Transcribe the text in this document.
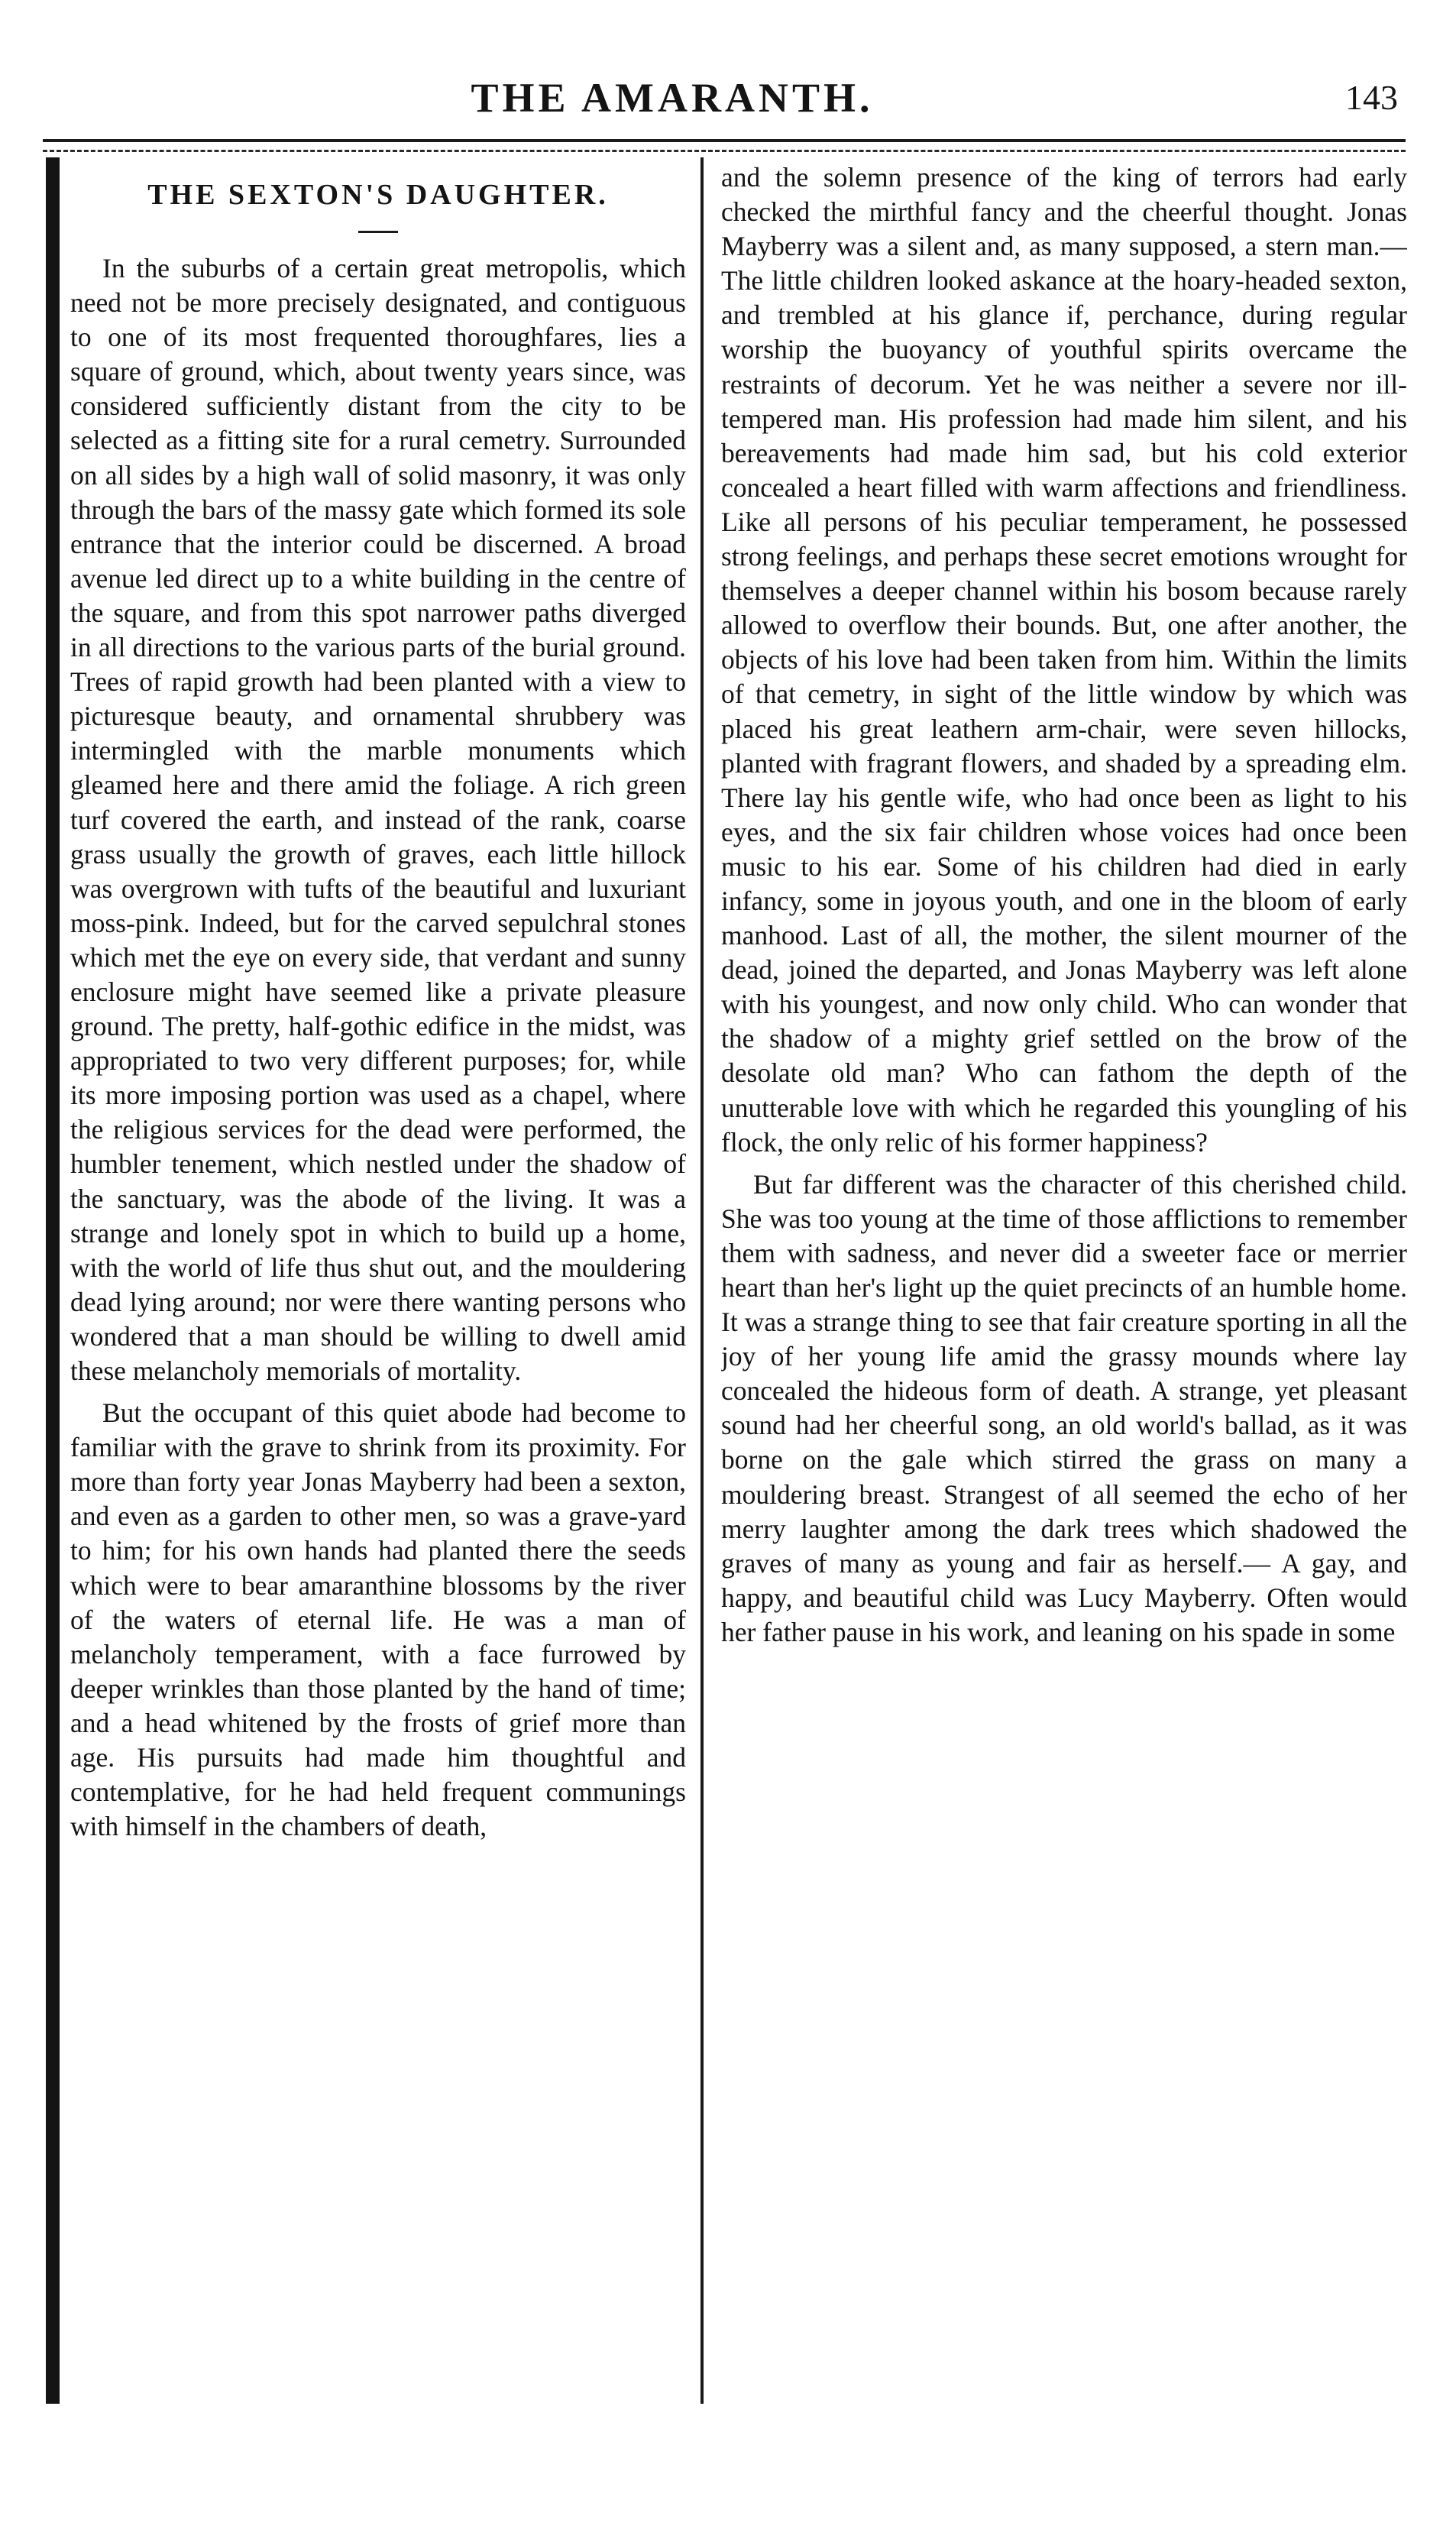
THE AMARANTH.	143
THE SEXTON'S DAUGHTER.

In the suburbs of a certain great metropolis, which need not be more precisely designated, and contiguous to one of its most frequented thoroughfares, lies a square of ground, which, about twenty years since, was considered sufficiently distant from the city to be selected as a fitting site for a rural cemetry. Surrounded on all sides by a high wall of solid masonry, it was only through the bars of the massy gate which formed its sole entrance that the interior could be discerned. A broad avenue led direct up to a white building in the centre of the square, and from this spot narrower paths diverged in all directions to the various parts of the burial ground. Trees of rapid growth had been planted with a view to picturesque beauty, and ornamental shrubbery was intermingled with the marble monuments which gleamed here and there amid the foliage. A rich green turf covered the earth, and instead of the rank, coarse grass usually the growth of graves, each little hillock was overgrown with tufts of the beautiful and luxuriant moss-pink. Indeed, but for the carved sepulchral stones which met the eye on every side, that verdant and sunny enclosure might have seemed like a private pleasure ground. The pretty, half-gothic edifice in the midst, was appropriated to two very different purposes; for, while its more imposing portion was used as a chapel, where the religious services for the dead were performed, the humbler tenement, which nestled under the shadow of the sanctuary, was the abode of the living. It was a strange and lonely spot in which to build up a home, with the world of life thus shut out, and the mouldering dead lying around; nor were there wanting persons who wondered that a man should be willing to dwell amid these melancholy memorials of mortality.

But the occupant of this quiet abode had become to familiar with the grave to shrink from its proximity. For more than forty year Jonas Mayberry had been a sexton, and even as a garden to other men, so was a grave-yard to him; for his own hands had planted there the seeds which were to bear amaranthine blossoms by the river of the waters of eternal life. He was a man of melancholy temperament, with a face furrowed by deeper wrinkles than those planted by the hand of time; and a head whitened by the frosts of grief more than age. His pursuits had made him thoughtful and contemplative, for he had held frequent communings with himself in the chambers of death,

and the solemn presence of the king of terrors had early checked the mirthful fancy and the cheerful thought. Jonas Mayberry was a silent and, as many supposed, a stern man.— The little children looked askance at the hoary-headed sexton, and trembled at his glance if, perchance, during regular worship the buoyancy of youthful spirits overcame the restraints of decorum. Yet he was neither a severe nor ill-tempered man. His profession had made him silent, and his bereavements had made him sad, but his cold exterior concealed a heart filled with warm affections and friendliness. Like all persons of his peculiar temperament, he possessed strong feelings, and perhaps these secret emotions wrought for themselves a deeper channel within his bosom because rarely allowed to overflow their bounds. But, one after another, the objects of his love had been taken from him. Within the limits of that cemetry, in sight of the little window by which was placed his great leathern arm-chair, were seven hillocks, planted with fragrant flowers, and shaded by a spreading elm. There lay his gentle wife, who had once been as light to his eyes, and the six fair children whose voices had once been music to his ear. Some of his children had died in early infancy, some in joyous youth, and one in the bloom of early manhood. Last of all, the mother, the silent mourner of the dead, joined the departed, and Jonas Mayberry was left alone with his youngest, and now only child. Who can wonder that the shadow of a mighty grief settled on the brow of the desolate old man? Who can fathom the depth of the unutterable love with which he regarded this youngling of his flock, the only relic of his former happiness?

But far different was the character of this cherished child. She was too young at the time of those afflictions to remember them with sadness, and never did a sweeter face or merrier heart than her's light up the quiet precincts of an humble home. It was a strange thing to see that fair creature sporting in all the joy of her young life amid the grassy mounds where lay concealed the hideous form of death. A strange, yet pleasant sound had her cheerful song, an old world's ballad, as it was borne on the gale which stirred the grass on many a mouldering breast. Strangest of all seemed the echo of her merry laughter among the dark trees which shadowed the graves of many as young and fair as herself.— A gay, and happy, and beautiful child was Lucy Mayberry. Often would her father pause in his work, and leaning on his spade in some
